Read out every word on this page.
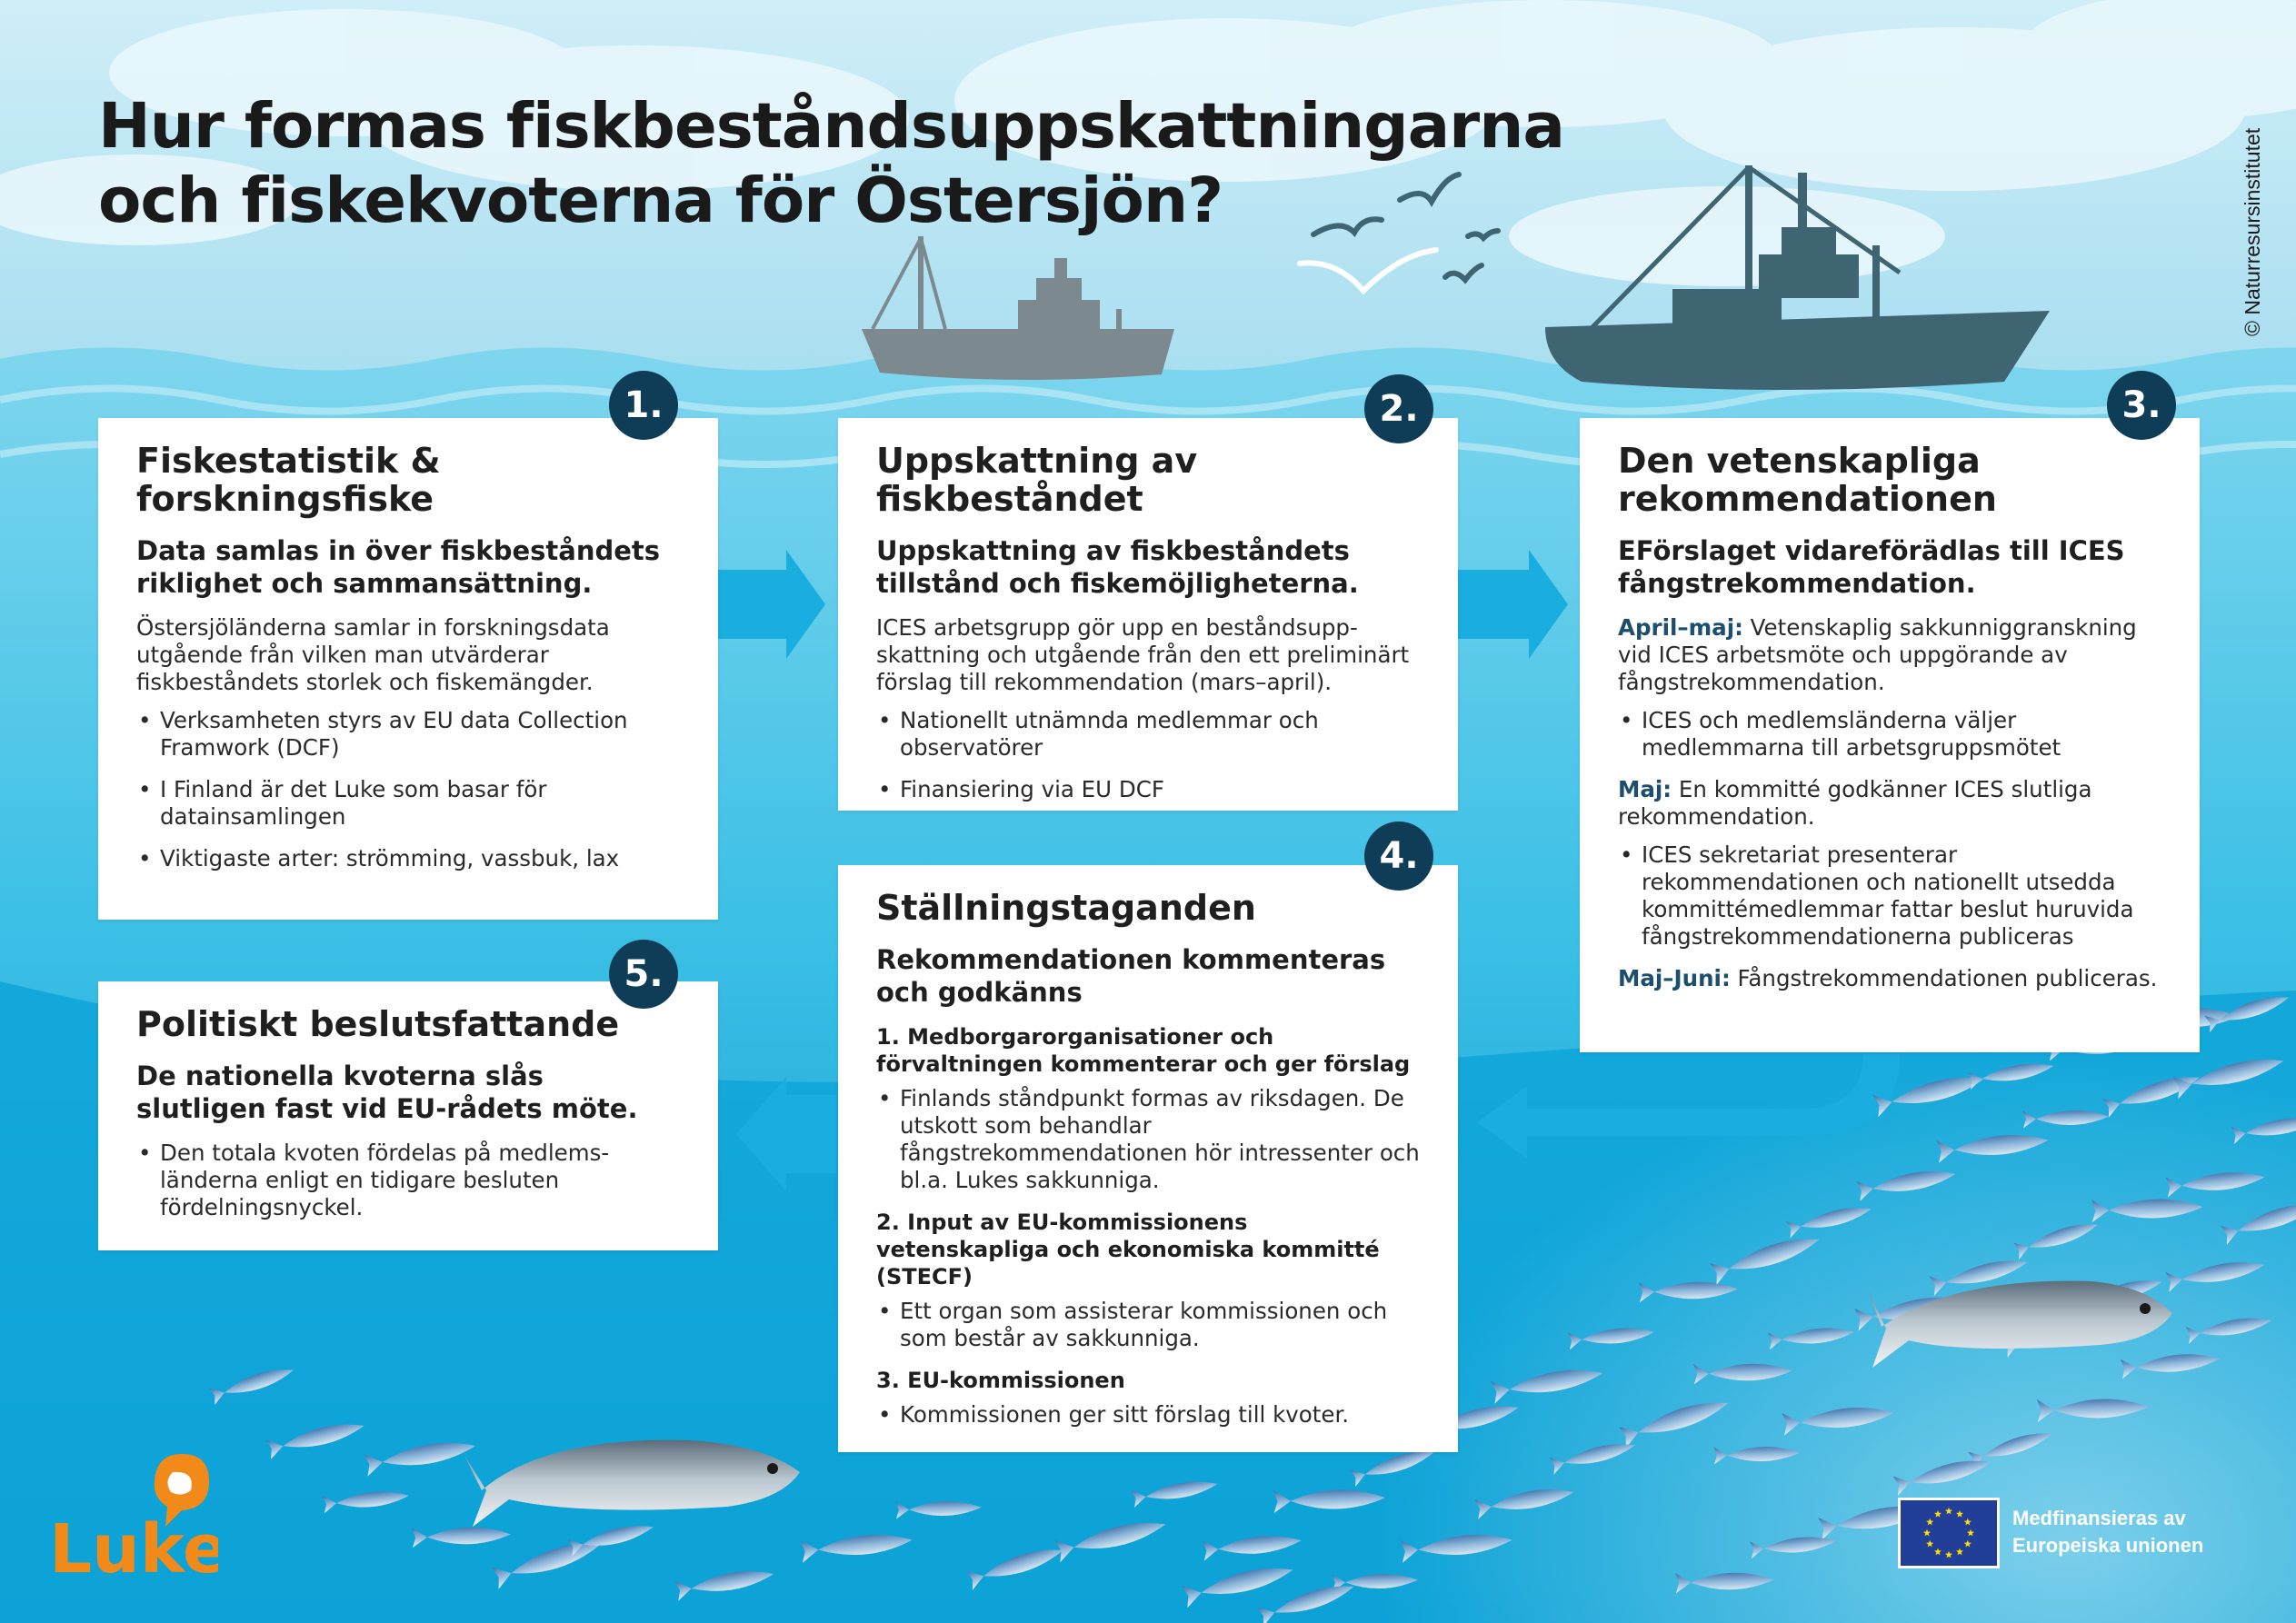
Hur formas fiskbeståndsuppskattningarna
och fiskekvoterna för Östersjön?	© Naturresursinstitutet
Fiskestatistik &
forskningsfiske
Data samlas in över fiskbeståndets riklighet och sammansättning.

Östersjöländerna samlar in forskningsdata utgående från vilken man utvärderar fiskbeståndets storlek och fiskemängder.

• Verksamheten styrs av EU data Collection Framwork (DCF)
• I Finland är det Luke som basar för datainsamlingen
• Viktigaste arter: strömming, vassbuk, lax
1.
Uppskattning av fiskbeståndet
Uppskattning av fiskbeståndets tillstånd och fiskemöjligheterna.

ICES arbetsgrupp gör upp en beståndsupp-skattning och utgående från den ett preliminärt förslag till rekommendation (mars–april).

• Nationellt utnämnda medlemmar och observatörer
• Finansiering via EU DCF
2.
Den vetenskapliga
rekommendationen
EFörslaget vidareförädlas till ICES fångstrekommendation.

April–maj: Vetenskaplig sakkunniggranskning vid ICES arbetsmöte och uppgörande av fångstrekommendation.

• ICES och medlemsländerna väljer medlemmarna till arbetsgruppsmötet

Maj: En kommitté godkänner ICES slutliga rekommendation.

• ICES sekretariat presenterar rekommendationen och nationellt utsedda kommittémedlemmar fattar beslut huruvida fångstrekommendationerna publiceras

Maj–Juni: Fångstrekommendationen publiceras.

3.
Ställningstaganden
Rekommendationen kommenteras och godkänns
1. Medborgarorganisationer och förvaltningen kommenterar och ger förslag
• Finlands ståndpunkt formas av riksdagen. De utskott som behandlar fångstrekommendationen hör intressenter och bl.a. Lukes sakkunniga.
2. Input av EU-kommissionens vetenskapliga och ekonomiska kommitté (STECF)
• Ett organ som assisterar kommissionen och som består av sakkunniga.
3. EU-kommissionen
• Kommissionen ger sitt förslag till kvoter.
4.
Politiskt beslutsfattande
De nationella kvoterna slås slutligen fast vid EU-rådets möte.
• Den totala kvoten fördelas på medlems-länderna enligt en tidigare besluten fördelningsnyckel.
5.
Luke	Medfinansieras av
Europeiska unionen
